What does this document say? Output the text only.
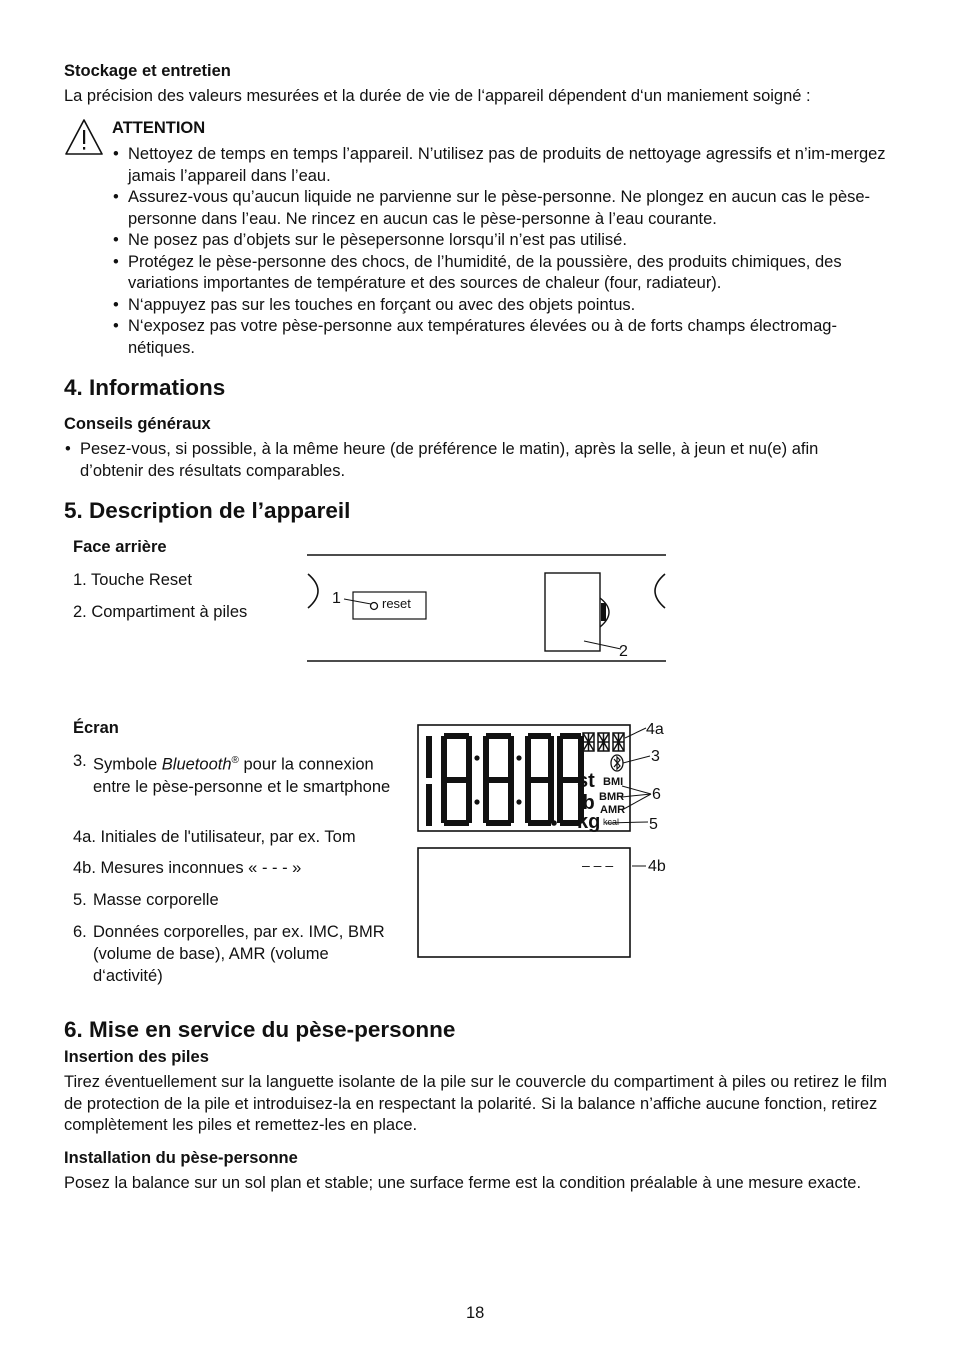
Stockage et entretien
La précision des valeurs mesurées et la durée de vie de l‘appareil dépendent d‘un maniement soigné :
ATTENTION
• Nettoyez de temps en temps l’appareil. N’utilisez pas de produits de nettoyage agressifs et n’im-mergez jamais l’appareil dans l’eau.
• Assurez-vous qu’aucun liquide ne parvienne sur le pèse-personne. Ne plongez en aucun cas le pèse-personne dans l’eau. Ne rincez en aucun cas le pèse-personne à l’eau courante.
• Ne posez pas d’objets sur le pèsepersonne lorsqu’il n’est pas utilisé.
• Protégez le pèse-personne des chocs, de l’humidité, de la poussière, des produits chimiques, des variations importantes de température et des sources de chaleur (four, radiateur).
• N‘appuyez pas sur les touches en forçant ou avec des objets pointus.
• N‘exposez pas votre pèse-personne aux températures élevées ou à de forts champs électromag-nétiques.
4. Informations
Conseils généraux
• Pesez-vous, si possible, à la même heure (de préférence le matin), après la selle, à jeun et nu(e) afin d’obtenir des résultats comparables.
5. Description de l’appareil
Face arrière
1. Touche Reset
2. Compartiment à piles	reset
1
2
Écran
3. Symbole Bluetooth® pour la connexion entre le pèse-personne et le smartphone
4a. Initiales de l'utilisateur, par ex. Tom
4b. Mesures inconnues « - - - »
5. Masse corporelle
6. Données corporelles, par ex. IMC, BMR (volume de base), AMR (volume d‘activité)
st
lb
kg
BMI
BMR
AMR
kcal
4a
3
6
5
– – – 4b
6. Mise en service du pèse-personne
Insertion des piles
Tirez éventuellement sur la languette isolante de la pile sur le couvercle du compartiment à piles ou retirez le film de protection de la pile et introduisez-la en respectant la polarité. Si la balance n’affiche aucune fonction, retirez complètement les piles et remettez-les en place.
Installation du pèse-personne
Posez la balance sur un sol plan et stable; une surface ferme est la condition préalable à une mesure exacte.
18
